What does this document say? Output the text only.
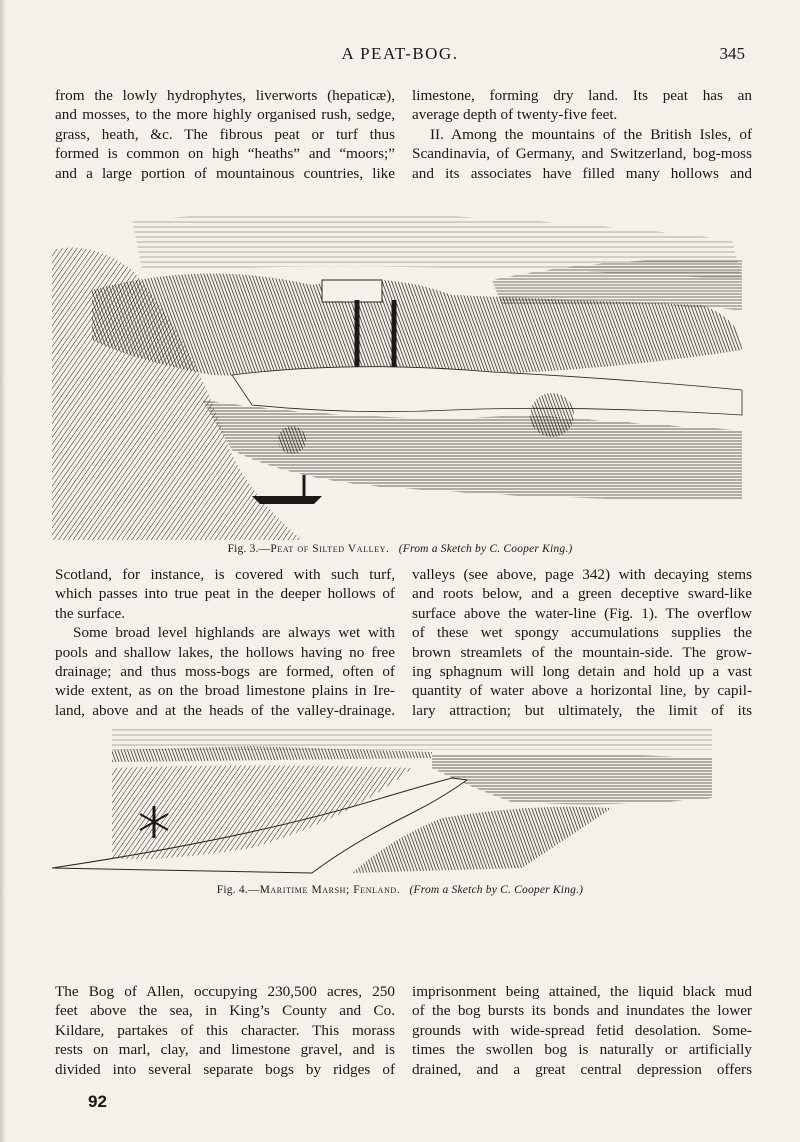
A PEAT-BOG.	345
from the lowly hydrophytes, liverworts (hepaticæ),
and mosses, to the more highly organised rush, sedge,
grass, heath, &c. The fibrous peat or turf thus
formed is common on high “heaths” and “moors;”
and a large portion of mountainous countries, like
limestone, forming dry land. Its peat has an
average depth of twenty-five feet.
II. Among the mountains of the British Isles, of
Scandinavia, of Germany, and Switzerland, bog-moss
and its associates have filled many hollows and
Fig. 3.—Peat of Silted Valley. (From a Sketch by C. Cooper King.)
Scotland, for instance, is covered with such turf,
which passes into true peat in the deeper hollows of
the surface.
Some broad level highlands are always wet with
pools and shallow lakes, the hollows having no free
drainage; and thus moss-bogs are formed, often of
wide extent, as on the broad limestone plains in Ire-
land, above and at the heads of the valley-drainage.
valleys (see above, page 342) with decaying stems
and roots below, and a green deceptive sward-like
surface above the water-line (Fig. 1). The overflow
of these wet spongy accumulations supplies the
brown streamlets of the mountain-side. The grow-
ing sphagnum will long detain and hold up a vast
quantity of water above a horizontal line, by capil-
lary attraction; but ultimately, the limit of its
Fig. 4.—Maritime Marsh; Fenland. (From a Sketch by C. Cooper King.)
The Bog of Allen, occupying 230,500 acres, 250
feet above the sea, in King’s County and Co.
Kildare, partakes of this character. This morass
rests on marl, clay, and limestone gravel, and is
divided into several separate bogs by ridges of
imprisonment being attained, the liquid black mud
of the bog bursts its bonds and inundates the lower
grounds with wide-spread fetid desolation. Some-
times the swollen bog is naturally or artificially
drained, and a great central depression offers
92
